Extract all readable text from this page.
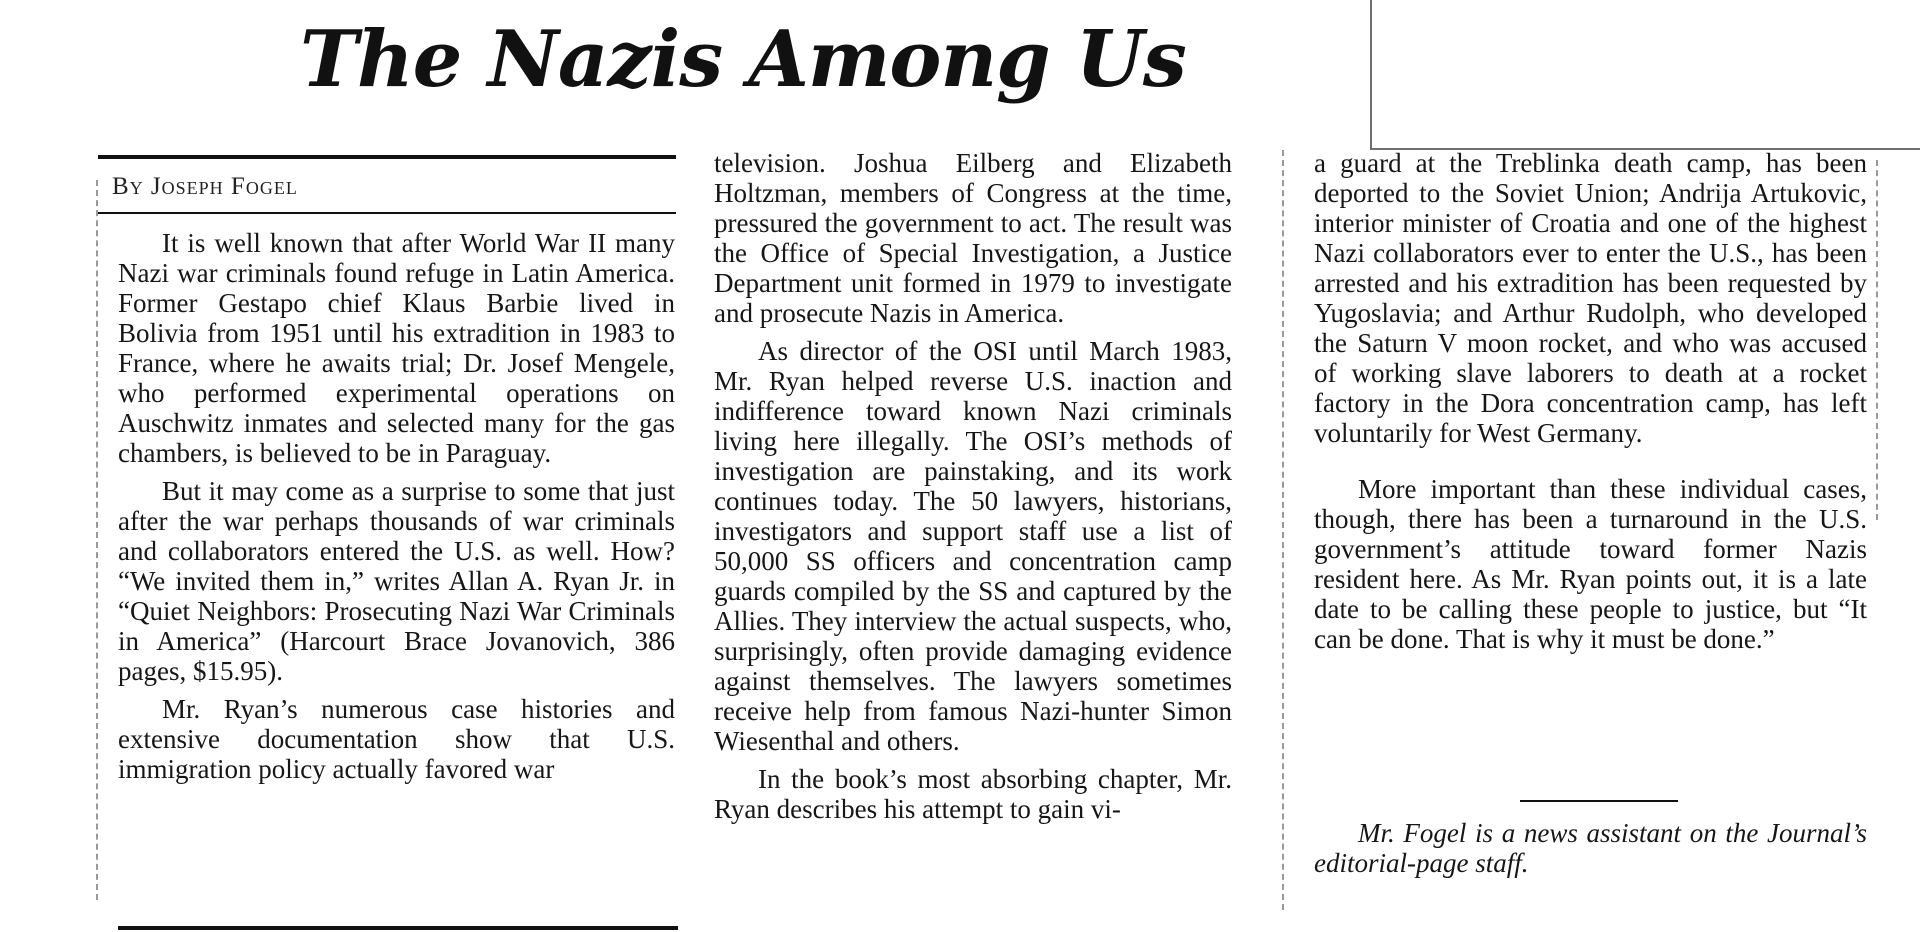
The Nazis Among Us
By Joseph Fogel

It is well known that after World War II many Nazi war criminals found refuge in Latin America. Former Gestapo chief Klaus Barbie lived in Bolivia from 1951 until his extradition in 1983 to France, where he awaits trial; Dr. Josef Mengele, who performed experimental operations on Auschwitz inmates and selected many for the gas chambers, is believed to be in Paraguay.

But it may come as a surprise to some that just after the war perhaps thousands of war criminals and collaborators entered the U.S. as well. How? “We invited them in,” writes Allan A. Ryan Jr. in “Quiet Neighbors: Prosecuting Nazi War Criminals in America” (Harcourt Brace Jovanovich, 386 pages, $15.95).

Mr. Ryan’s numerous case histories and extensive documentation show that U.S. immigration policy actually favored war

television. Joshua Eilberg and Elizabeth Holtzman, members of Congress at the time, pressured the government to act. The result was the Office of Special Investigation, a Justice Department unit formed in 1979 to investigate and prosecute Nazis in America.

As director of the OSI until March 1983, Mr. Ryan helped reverse U.S. inaction and indifference toward known Nazi criminals living here illegally. The OSI’s methods of investigation are painstaking, and its work continues today. The 50 lawyers, historians, investigators and support staff use a list of 50,000 SS officers and concentration camp guards compiled by the SS and captured by the Allies. They interview the actual suspects, who, surprisingly, often provide damaging evidence against themselves. The lawyers sometimes receive help from famous Nazi-hunter Simon Wiesenthal and others.

In the book’s most absorbing chapter, Mr. Ryan describes his attempt to gain vi-

a guard at the Treblinka death camp, has been deported to the Soviet Union; Andrija Artukovic, interior minister of Croatia and one of the highest Nazi collaborators ever to enter the U.S., has been arrested and his extradition has been requested by Yugoslavia; and Arthur Rudolph, who developed the Saturn V moon rocket, and who was accused of working slave laborers to death at a rocket factory in the Dora concentration camp, has left voluntarily for West Germany.

More important than these individual cases, though, there has been a turnaround in the U.S. government’s attitude toward former Nazis resident here. As Mr. Ryan points out, it is a late date to be calling these people to justice, but “It can be done. That is why it must be done.”

Mr. Fogel is a news assistant on the Journal’s editorial-page staff.
